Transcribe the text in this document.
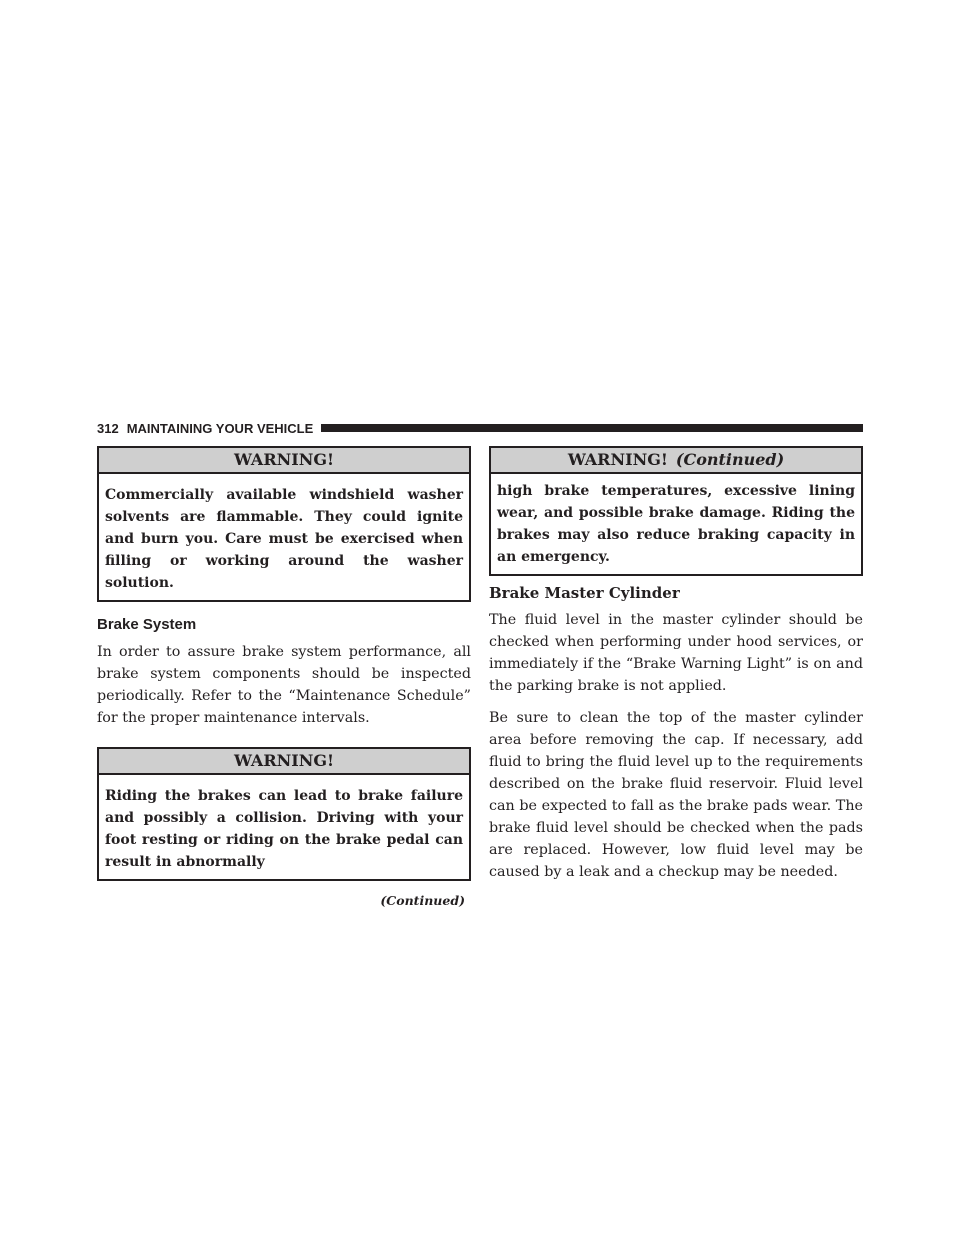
312 MAINTAINING YOUR VEHICLE
WARNING!
Commercially available windshield washer solvents are flammable. They could ignite and burn you. Care must be exercised when filling or working around the washer solution.
Brake System

In order to assure brake system performance, all brake system components should be inspected periodically. Refer to the “Maintenance Schedule” for the proper maintenance intervals.

WARNING!
Riding the brakes can lead to brake failure and possibly a collision. Driving with your foot resting or riding on the brake pedal can result in abnormally
(Continued)
WARNING! (Continued)
high brake temperatures, excessive lining wear, and possible brake damage. Riding the brakes may also reduce braking capacity in an emergency.
Brake Master Cylinder

The fluid level in the master cylinder should be checked when performing under hood services, or immediately if the “Brake Warning Light” is on and the parking brake is not applied.

Be sure to clean the top of the master cylinder area before removing the cap. If necessary, add fluid to bring the fluid level up to the requirements described on the brake fluid reservoir. Fluid level can be expected to fall as the brake pads wear. The brake fluid level should be checked when the pads are replaced. However, low fluid level may be caused by a leak and a checkup may be needed.
